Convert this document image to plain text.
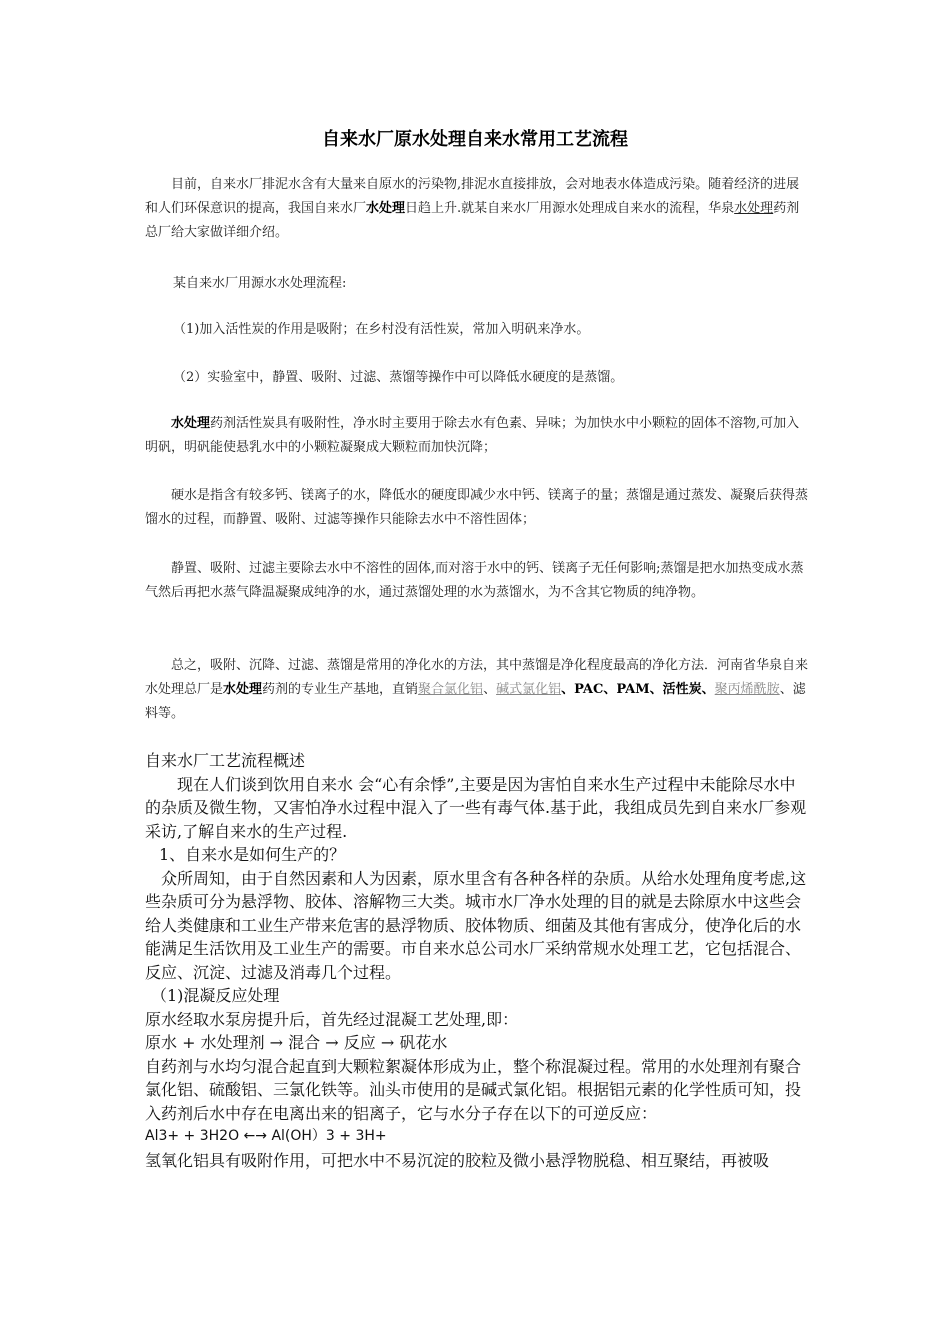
自来水厂原水处理自来水常用工艺流程
目前，自来水厂排泥水含有大量来自原水的污染物,排泥水直接排放，会对地表水体造成污染。随着经济的进展和人们环保意识的提高，我国自来水厂水处理日趋上升.就某自来水厂用源水处理成自来水的流程，华泉水处理药剂总厂给大家做详细介绍。
某自来水厂用源水水处理流程:
（1)加入活性炭的作用是吸附；在乡村没有活性炭，常加入明矾来净水。
（2）实验室中，静置、吸附、过滤、蒸馏等操作中可以降低水硬度的是蒸馏。
水处理药剂活性炭具有吸附性，净水时主要用于除去水有色素、异味；为加快水中小颗粒的固体不溶物,可加入明矾，明矾能使悬乳水中的小颗粒凝聚成大颗粒而加快沉降；
硬水是指含有较多钙、镁离子的水，降低水的硬度即减少水中钙、镁离子的量；蒸馏是通过蒸发、凝聚后获得蒸馏水的过程，而静置、吸附、过滤等操作只能除去水中不溶性固体；
静置、吸附、过滤主要除去水中不溶性的固体,而对溶于水中的钙、镁离子无任何影响;蒸馏是把水加热变成水蒸气然后再把水蒸气降温凝聚成纯净的水，通过蒸馏处理的水为蒸馏水，为不含其它物质的纯净物。
总之，吸附、沉降、过滤、蒸馏是常用的净化水的方法，其中蒸馏是净化程度最高的净化方法．河南省华泉自来水处理总厂是水处理药剂的专业生产基地，直销聚合氯化铝、碱式氯化铝、PAC、PAM、活性炭、聚丙烯酰胺、滤料等。

自来水厂工艺流程概述

现在人们谈到饮用自来水 会“心有余悸”,主要是因为害怕自来水生产过程中未能除尽水中的杂质及微生物，又害怕净水过程中混入了一些有毒气体.基于此，我组成员先到自来水厂参观采访,了解自来水的生产过程.

1、自来水是如何生产的？

众所周知，由于自然因素和人为因素，原水里含有各种各样的杂质。从给水处理角度考虑,这些杂质可分为悬浮物、胶体、溶解物三大类。城市水厂净水处理的目的就是去除原水中这些会给人类健康和工业生产带来危害的悬浮物质、胶体物质、细菌及其他有害成分，使净化后的水能满足生活饮用及工业生产的需要。市自来水总公司水厂采纳常规水处理工艺，它包括混合、反应、沉淀、过滤及消毒几个过程。

（1)混凝反应处理

原水经取水泵房提升后，首先经过混凝工艺处理,即：

原水 + 水处理剂 → 混合 → 反应 → 矾花水

自药剂与水均匀混合起直到大颗粒絮凝体形成为止，整个称混凝过程。常用的水处理剂有聚合氯化铝、硫酸铝、三氯化铁等。汕头市使用的是碱式氯化铝。根据铝元素的化学性质可知，投入药剂后水中存在电离出来的铝离子，它与水分子存在以下的可逆反应：

Al3+ + 3H2O ←→ Al(OH）3 + 3H+

氢氧化铝具有吸附作用，可把水中不易沉淀的胶粒及微小悬浮物脱稳、相互聚结，再被吸
